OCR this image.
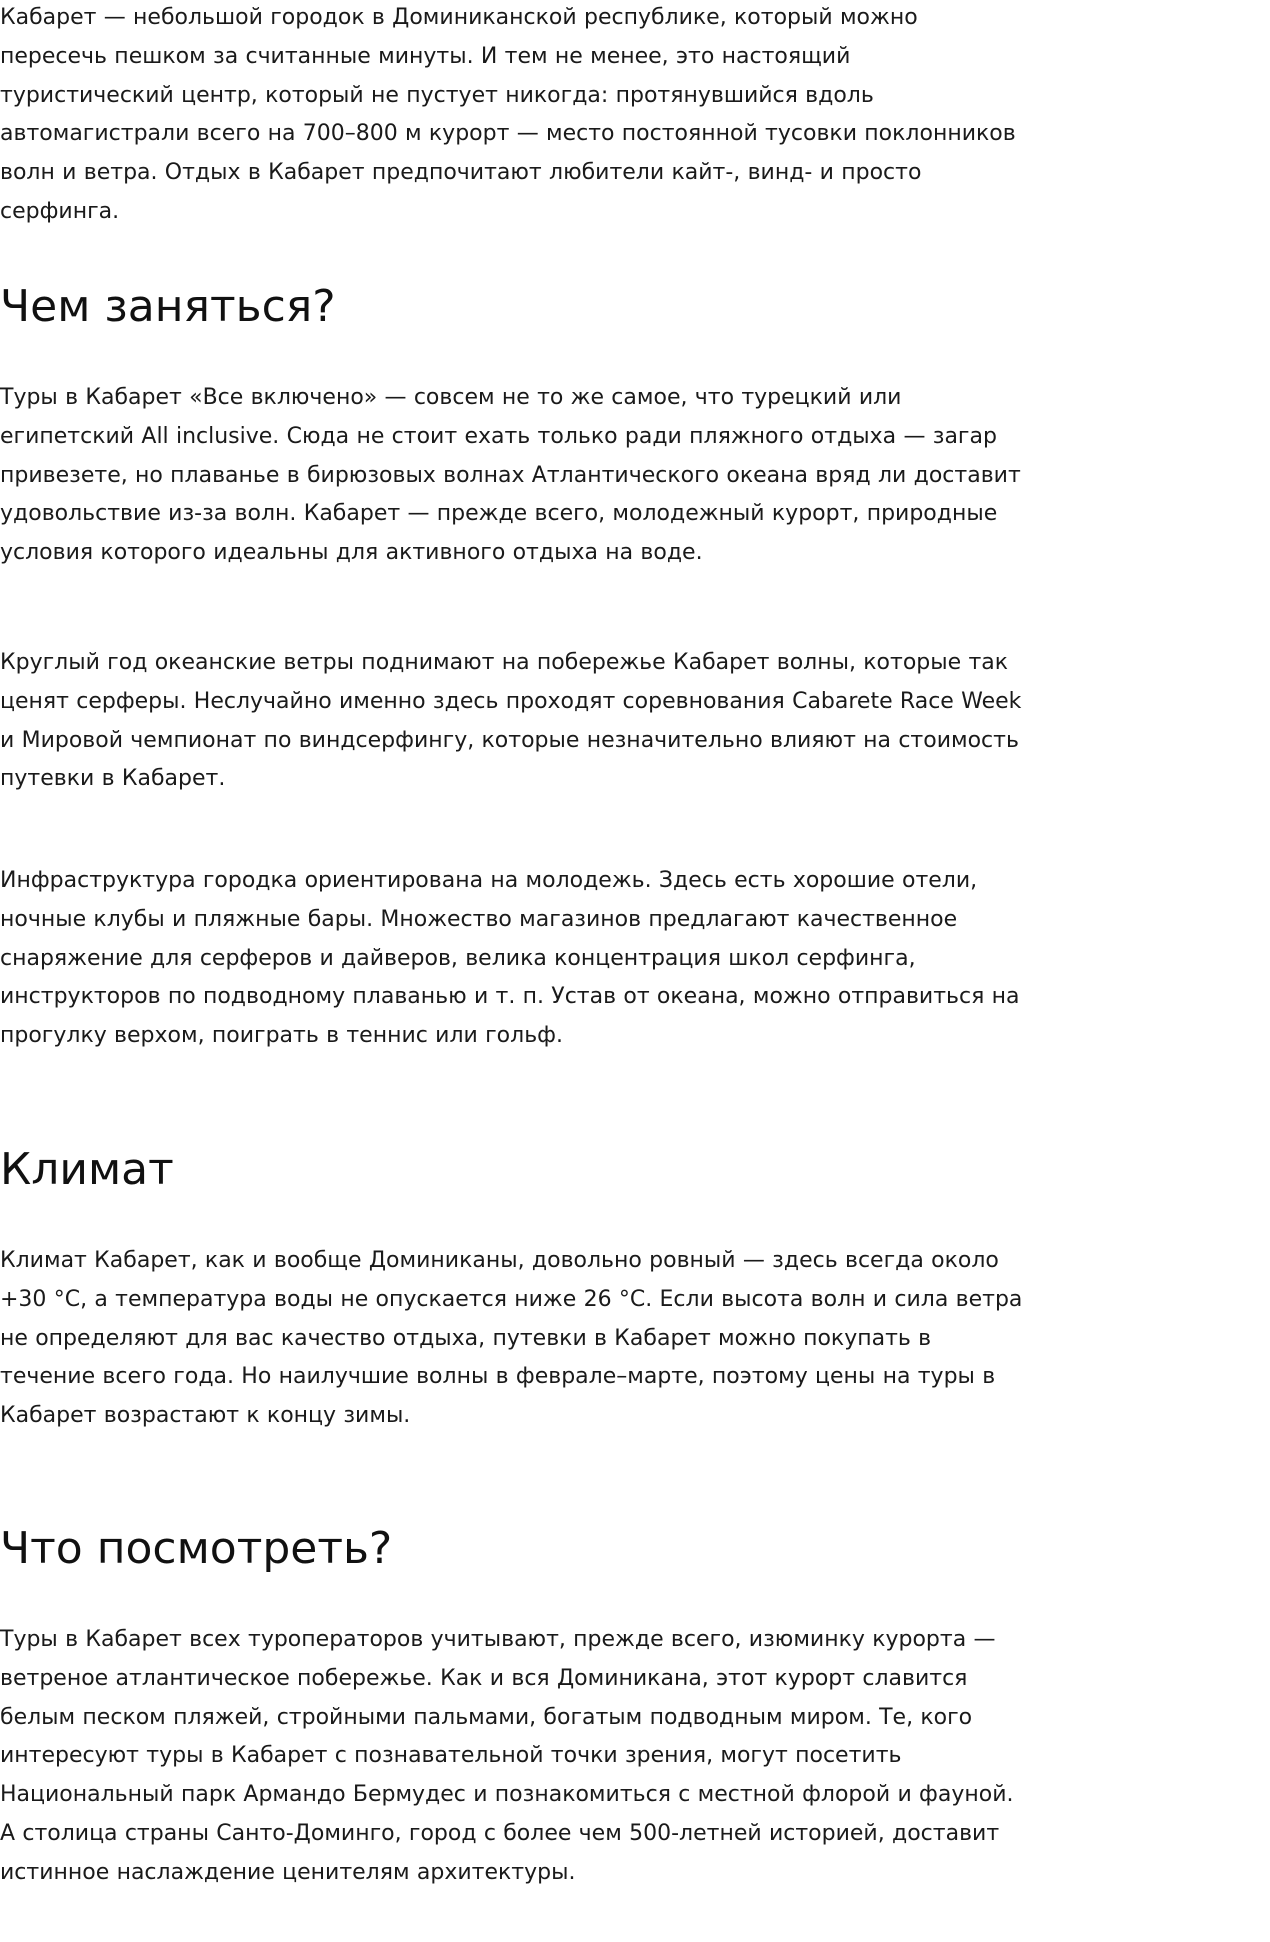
Кабарет — небольшой городок в Доминиканской республике, который можно пересечь пешком за считанные минуты. И тем не менее, это настоящий туристический центр, который не пустует никогда: протянувшийся вдоль автомагистрали всего на 700–800 м курорт — место постоянной тусовки поклонников волн и ветра. Отдых в Кабарет предпочитают любители кайт-, винд- и просто серфинга.

Чем заняться?

Туры в Кабарет «Все включено» — совсем не то же самое, что турецкий или египетский All inclusive. Сюда не стоит ехать только ради пляжного отдыха — загар привезете, но плаванье в бирюзовых волнах Атлантического океана вряд ли доставит удовольствие из-за волн. Кабарет — прежде всего, молодежный курорт, природные условия которого идеальны для активного отдыха на воде.

Круглый год океанские ветры поднимают на побережье Кабарет волны, которые так ценят серферы. Неслучайно именно здесь проходят соревнования Cabarete Race Week и Мировой чемпионат по виндсерфингу, которые незначительно влияют на стоимость путевки в Кабарет.

Инфраструктура городка ориентирована на молодежь. Здесь есть хорошие отели, ночные клубы и пляжные бары. Множество магазинов предлагают качественное снаряжение для серферов и дайверов, велика концентрация школ серфинга, инструкторов по подводному плаванью и т. п. Устав от океана, можно отправиться на прогулку верхом, поиграть в теннис или гольф.

Климат

Климат Кабарет, как и вообще Доминиканы, довольно ровный — здесь всегда около +30 °C, а температура воды не опускается ниже 26 °C. Если высота волн и сила ветра не определяют для вас качество отдыха, путевки в Кабарет можно покупать в течение всего года. Но наилучшие волны в феврале–марте, поэтому цены на туры в Кабарет возрастают к концу зимы.

Что посмотреть?

Туры в Кабарет всех туроператоров учитывают, прежде всего, изюминку курорта — ветреное атлантическое побережье. Как и вся Доминикана, этот курорт славится белым песком пляжей, стройными пальмами, богатым подводным миром. Те, кого интересуют туры в Кабарет с познавательной точки зрения, могут посетить Национальный парк Армандо Бермудес и познакомиться с местной флорой и фауной. А столица страны Санто-Доминго, город с более чем 500-летней историей, доставит истинное наслаждение ценителям архитектуры.
